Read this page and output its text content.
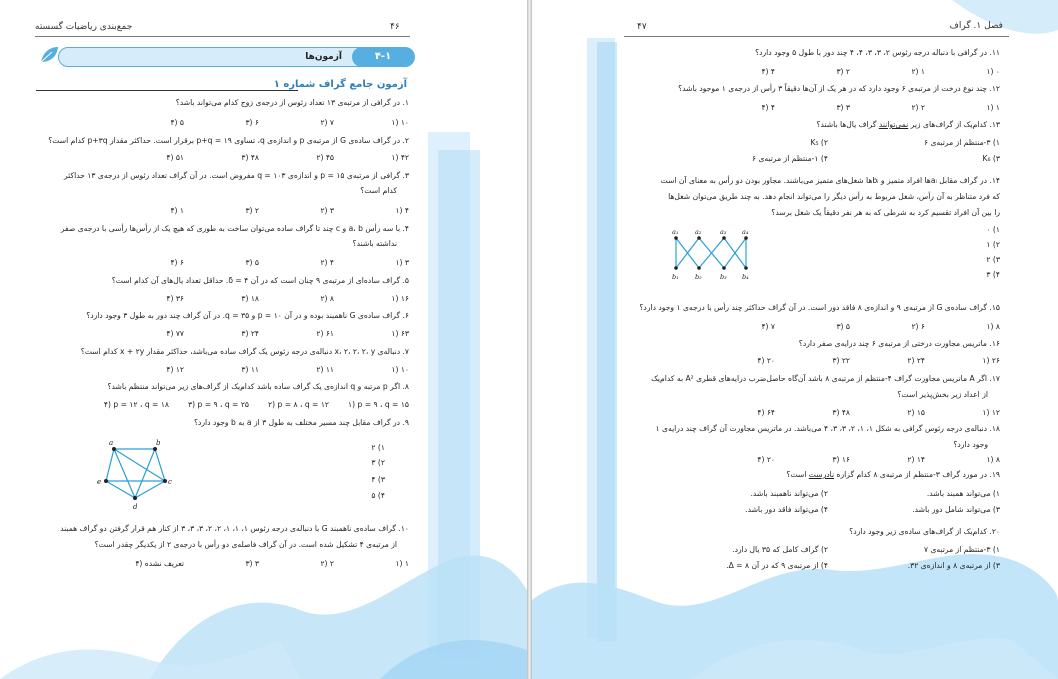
جمع‌بندی ریاضیات گسسته	۴۶
۴-۱
آزمون‌ها
آزمون جامع گراف شماره ۱
۱. در گرافی از مرتبه‌ی ۱۳ تعداد رئوس از درجه‌ی زوج کدام می‌تواند باشد؟
۱) ۱۰
۲) ۷
۳) ۶
۴) ۵
۲. در گراف ساده‌ی G از مرتبه‌ی p و اندازه‌ی q، تساوی ۱۹ = p+q برقرار است. حداکثر مقدار p+۳q کدام است؟
۱) ۴۲
۲) ۴۵
۳) ۴۸
۴) ۵۱
۳. گرافی از مرتبه‌ی ۱۵ = p و اندازه‌ی ۱۰۳ = q مفروض است. در آن گراف تعداد رئوس از درجه‌ی ۱۳ حداکثر
کدام است؟
۱) ۴
۲) ۳
۳) ۲
۴) ۱
۴. با سه رأس a، b و c چند تا گراف ساده می‌توان ساخت به طوری که هیچ یک از رأس‌ها رأسی با درجه‌ی صفر
نداشته باشند؟
۱) ۳
۲) ۴
۳) ۵
۴) ۶
۵. گراف ساده‌ای از مرتبه‌ی ۹ چنان است که در آن ۴ = δ. حداقل تعداد یال‌های آن کدام است؟
۱) ۱۶
۲) ۸
۳) ۱۸
۴) ۳۶
۶. گراف ساده‌ی G ناهمبند بوده و در آن ۱۰ = p و ۳۵ = q. در آن گراف چند دور به طول ۳ وجود دارد؟
۱) ۶۳
۲) ۶۱
۳) ۲۴
۴) ۷۷
۷. دنباله‌ی x، ۲، ۲، ۲، y دنباله‌ی درجه رئوس یک گراف ساده می‌باشد، حداکثر مقدار x + ۲y کدام است؟
۱) ۱۰
۲) ۱۱
۳) ۱۱
۴) ۱۲
۸. اگر p مرتبه و q اندازه‌ی یک گراف ساده باشد کدام‌یک از گراف‌های زیر می‌تواند منتظم باشد؟
۱) p = ۹ ، q = ۱۵
۲) p = ۸ ، q = ۱۲
۳) p = ۹ ، q = ۲۵
۴) p = ۱۲ ، q = ۱۸
۹. در گراف مقابل چند مسیر مختلف به طول ۳ از a به b وجود دارد؟
۱) ۲
۲) ۳
۳) ۴
۴) ۵
a	b
c
d
e
۱۰. گراف ساده‌ی ناهمبند G با دنباله‌ی درجه رئوس ۱، ۱، ۱، ۲، ۲، ۳، ۳، ۳ از کنار هم قرار گرفتن دو گراف همبند
از مرتبه‌ی ۴ تشکیل شده است. در آن گراف فاصله‌ی دو رأس با درجه‌ی ۲ از یکدیگر چقدر است؟
۱) ۱
۲) ۲
۳) ۳
۴) تعریف نشده
فصل ۱. گراف
۴۷
۱۱. در گرافی با دنباله درجه رئوس ۲، ۳، ۳، ۴، ۴ چند دور با طول ۵ وجود دارد؟
۱) ۰
۲) ۱
۳) ۲
۴) ۴
۱۲. چند نوع درخت از مرتبه‌ی ۶ وجود دارد که در هر یک از آن‌ها دقیقاً ۳ رأس از درجه‌ی ۱ موجود باشد؟
۱) ۱
۲) ۲
۳) ۳
۴) ۴
۱۳. کدام‌یک از گراف‌های زیر نمی‌توانند گراف یال‌ها باشند؟
۱) ۳-منتظم از مرتبه‌ی ۶
۲) K₅
۳) K₆
۴) ۱-منتظم از مرتبه‌ی ۶
۱۴. در گراف مقابل aᵢها افراد متمیز و bᵢها شغل‌های متمیز می‌باشند. مجاور بودن دو رأس به معنای آن است
که فرد متناظر به آن رأس، شغل مربوط به رأس دیگر را می‌تواند انجام دهد. به چند طریق می‌توان شغل‌ها
را بین آن افراد تقسیم کرد به شرطی که به هر نفر دقیقاً یک شغل برسد؟
۱) ۰
۲) ۱
۳) ۲
۴) ۳
a₁	a₂	a₃ a₄
b₁ b₂	b₃ b₄
۱۵. گراف ساده‌ی G از مرتبه‌ی ۹ و اندازه‌ی ۸ فاقد دور است. در آن گراف حداکثر چند رأس با درجه‌ی ۱ وجود دارد؟
۱) ۸
۲) ۶
۳) ۵
۴) ۷
۱۶. ماتریس مجاورت درختی از مرتبه‌ی ۶ چند درایه‌ی صفر دارد؟
۱) ۲۶
۲) ۲۴
۳) ۲۲
۴) ۲۰
۱۷. اگر A ماتریس مجاورت گراف ۴-منتظم از مرتبه‌ی ۸ باشد آن‌گاه حاصل‌ضرب درایه‌های قطری A² به کدام‌یک
از اعداد زیر بخش‌پذیر است؟
۱) ۱۲
۲) ۱۵
۳) ۴۸
۴) ۶۴
۱۸. دنباله‌ی درجه رئوس گرافی به شکل ۱، ۱، ۲، ۳، ۳، ۴ می‌باشد. در ماتریس مجاورت آن گراف چند درایه‌ی ۱
وجود دارد؟
۱) ۸
۲) ۱۴
۳) ۱۶
۴) ۲۰
۱۹. در مورد گراف ۳-منتظم از مرتبه‌ی ۸ کدام گزاره نادرست است؟
۱) می‌تواند همبند باشد.
۲) می‌تواند ناهمبند باشد.
۳) می‌تواند شامل دور باشد.
۴) می‌تواند فاقد دور باشد.
۲۰. کدام‌یک از گراف‌های ساده‌ی زیر وجود دارد؟
۱) ۳-منتظم از مرتبه‌ی ۷
۲) گراف کامل که ۳۵ یال دارد.
۳) از مرتبه‌ی ۸ و اندازه‌ی ۳۲.
۴) از مرتبه‌ی ۹ که در آن ۸ = Δ.
